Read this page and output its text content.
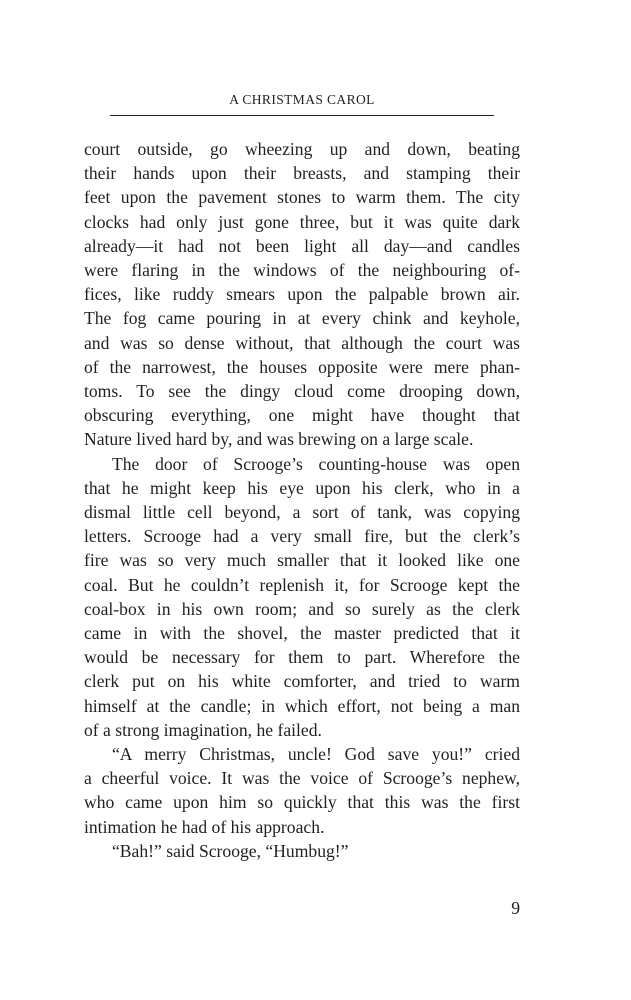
A CHRISTMAS CAROL
court outside, go wheezing up and down, beating
their hands upon their breasts, and stamping their
feet upon the pavement stones to warm them. The city
clocks had only just gone three, but it was quite dark
already—it had not been light all day—and candles
were flaring in the windows of the neighbouring of-
fices, like ruddy smears upon the palpable brown air.
The fog came pouring in at every chink and keyhole,
and was so dense without, that although the court was
of the narrowest, the houses opposite were mere phan-
toms. To see the dingy cloud come drooping down,
obscuring everything, one might have thought that
Nature lived hard by, and was brewing on a large scale.
The door of Scrooge’s counting-house was open
that he might keep his eye upon his clerk, who in a
dismal little cell beyond, a sort of tank, was copying
letters. Scrooge had a very small fire, but the clerk’s
fire was so very much smaller that it looked like one
coal. But he couldn’t replenish it, for Scrooge kept the
coal-box in his own room; and so surely as the clerk
came in with the shovel, the master predicted that it
would be necessary for them to part. Wherefore the
clerk put on his white comforter, and tried to warm
himself at the candle; in which effort, not being a man
of a strong imagination, he failed.
“A merry Christmas, uncle! God save you!” cried
a cheerful voice. It was the voice of Scrooge’s nephew,
who came upon him so quickly that this was the first
intimation he had of his approach.
“Bah!” said Scrooge, “Humbug!”
9
